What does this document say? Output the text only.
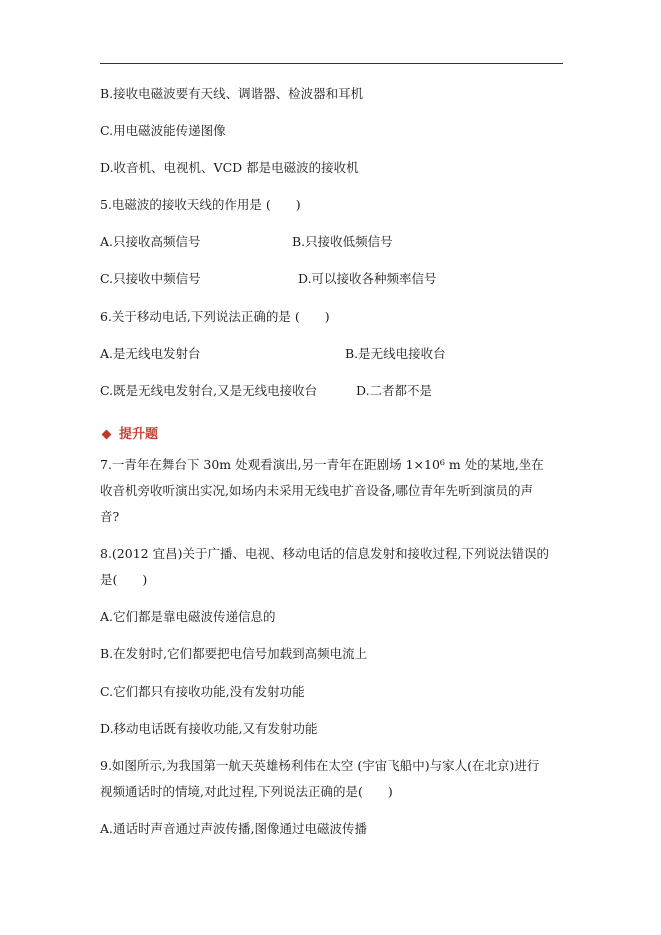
B.接收电磁波要有天线、调谐器、检波器和耳机
C.用电磁波能传递图像
D.收音机、电视机、VCD 都是电磁波的接收机
5.电磁波的接收天线的作用是 (　　)
A.只接收高频信号	B.只接收低频信号
C.只接收中频信号	D.可以接收各种频率信号
6.关于移动电话,下列说法正确的是 (　　)
A.是无线电发射台	B.是无线电接收台
C.既是无线电发射台,又是无线电接收台	D.二者都不是
提升题
7.一青年在舞台下 30m 处观看演出,另一青年在距剧场 1×10⁶ m 处的某地,坐在
收音机旁收听演出实况,如场内未采用无线电扩音设备,哪位青年先听到演员的声
音?
8.(2012 宜昌)关于广播、电视、移动电话的信息发射和接收过程,下列说法错误的
是(　　)
A.它们都是靠电磁波传递信息的
B.在发射时,它们都要把电信号加载到高频电流上
C.它们都只有接收功能,没有发射功能
D.移动电话既有接收功能,又有发射功能
9.如图所示,为我国第一航天英雄杨利伟在太空 (宇宙飞船中)与家人(在北京)进行
视频通话时的情境,对此过程,下列说法正确的是(　　)
A.通话时声音通过声波传播,图像通过电磁波传播
